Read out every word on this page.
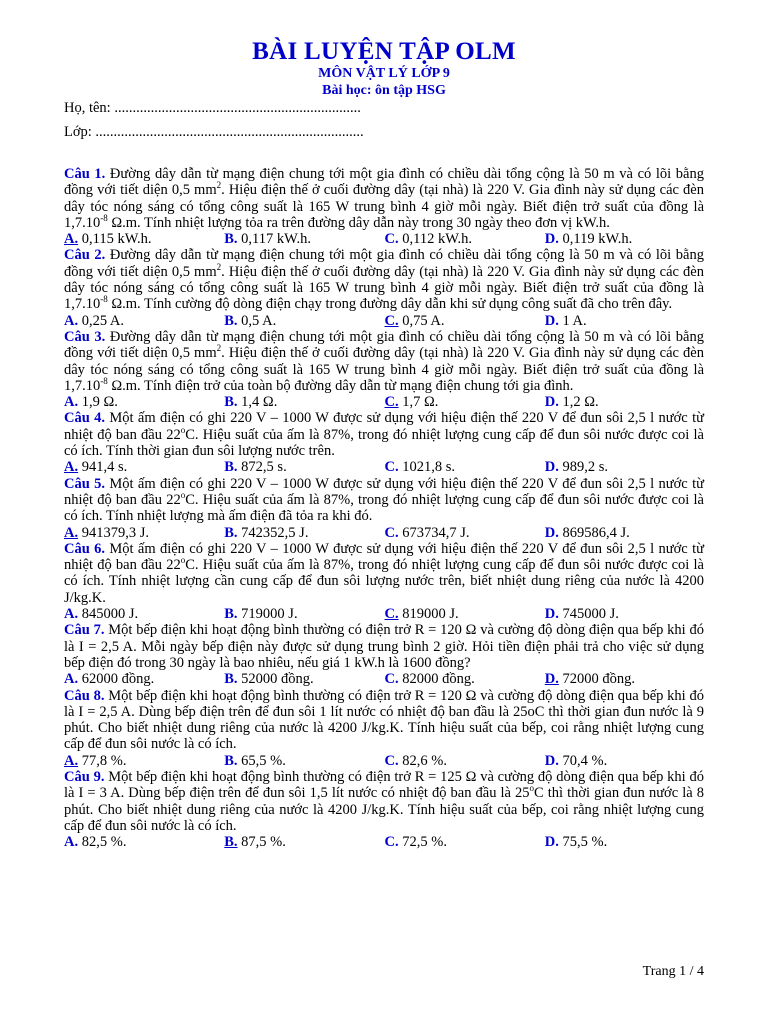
BÀI LUYỆN TẬP OLM
MÔN VẬT LÝ LỚP 9
Bài học: ôn tập HSG
Họ, tên: ....................................................................
Lớp: ..........................................................................

Câu 1. Đường dây dẫn từ mạng điện chung tới một gia đình có chiều dài tổng cộng là 50 m và có lõi bằng đồng với tiết diện 0,5 $mm^2$. Hiệu điện thế ở cuối đường dây (tại nhà) là 220 V. Gia đình này sử dụng các đèn dây tóc nóng sáng có tổng công suất là 165 W trung bình 4 giờ mỗi ngày. Biết điện trở suất của đồng là $1,7.10^{-8}$ Ω.m. Tính nhiệt lượng tỏa ra trên đường dây dẫn này trong 30 ngày theo đơn vị kW.h.

A. 0,115 kW.h.	B. 0,117 kW.h.	C. 0,112 kW.h.	D. 0,119 kW.h.

Câu 2. Đường dây dẫn từ mạng điện chung tới một gia đình có chiều dài tổng cộng là 50 m và có lõi bằng đồng với tiết diện 0,5 $mm^2$. Hiệu điện thế ở cuối đường dây (tại nhà) là 220 V. Gia đình này sử dụng các đèn dây tóc nóng sáng có tổng công suất là 165 W trung bình 4 giờ mỗi ngày. Biết điện trở suất của đồng là $1,7.10^{-8}$ Ω.m. Tính cường độ dòng điện chạy trong đường dây dẫn khi sử dụng công suất đã cho trên đây.

A. 0,25 A.	B. 0,5 A.	C. 0,75 A.	D. 1 A.

Câu 3. Đường dây dẫn từ mạng điện chung tới một gia đình có chiều dài tổng cộng là 50 m và có lõi bằng đồng với tiết diện 0,5 $mm^2$. Hiệu điện thế ở cuối đường dây (tại nhà) là 220 V. Gia đình này sử dụng các đèn dây tóc nóng sáng có tổng công suất là 165 W trung bình 4 giờ mỗi ngày. Biết điện trở suất của đồng là $1,7.10^{-8}$ Ω.m. Tính điện trở của toàn bộ đường dây dẫn từ mạng điện chung tới gia đình.

A. 1,9 Ω.	B. 1,4 Ω.	C. 1,7 Ω.	D. 1,2 Ω.

Câu 4. Một ấm điện có ghi 220 V – 1000 W được sử dụng với hiệu điện thế 220 V để đun sôi 2,5 l nước từ nhiệt độ ban đầu 22$^o$C. Hiệu suất của ấm là 87%, trong đó nhiệt lượng cung cấp để đun sôi nước được coi là có ích. Tính thời gian đun sôi lượng nước trên.

A. 941,4 s.	B. 872,5 s.	C. 1021,8 s.	D. 989,2 s.

Câu 5. Một ấm điện có ghi 220 V – 1000 W được sử dụng với hiệu điện thế 220 V để đun sôi 2,5 l nước từ nhiệt độ ban đầu 22$^o$C. Hiệu suất của ấm là 87%, trong đó nhiệt lượng cung cấp để đun sôi nước được coi là có ích. Tính nhiệt lượng mà ấm điện đã tỏa ra khi đó.

A. 941379,3 J.	B. 742352,5 J.	C. 673734,7 J.	D. 869586,4 J.

Câu 6. Một ấm điện có ghi 220 V – 1000 W được sử dụng với hiệu điện thế 220 V để đun sôi 2,5 l nước từ nhiệt độ ban đầu 22$^o$C. Hiệu suất của ấm là 87%, trong đó nhiệt lượng cung cấp để đun sôi nước được coi là có ích. Tính nhiệt lượng cần cung cấp để đun sôi lượng nước trên, biết nhiệt dung riêng của nước là 4200 J/kg.K.

A. 845000 J.	B. 719000 J.	C. 819000 J.	D. 745000 J.

Câu 7. Một bếp điện khi hoạt động bình thường có điện trở R = 120 Ω và cường độ dòng điện qua bếp khi đó là I = 2,5 A. Mỗi ngày bếp điện này được sử dụng trung bình 2 giờ. Hỏi tiền điện phải trả cho việc sử dụng bếp điện đó trong 30 ngày là bao nhiêu, nếu giá 1 kW.h là 1600 đồng?

A. 62000 đồng.	B. 52000 đồng.	C. 82000 đồng.	D. 72000 đồng.

Câu 8. Một bếp điện khi hoạt động bình thường có điện trở R = 120 Ω và cường độ dòng điện qua bếp khi đó là I = 2,5 A. Dùng bếp điện trên để đun sôi 1 lít nước có nhiệt độ ban đầu là 25oC thì thời gian đun nước là 9 phút. Cho biết nhiệt dung riêng của nước là 4200 J/kg.K. Tính hiệu suất của bếp, coi rằng nhiệt lượng cung cấp để đun sôi nước là có ích.

A. 77,8 %.	B. 65,5 %.	C. 82,6 %.	D. 70,4 %.

Câu 9. Một bếp điện khi hoạt động bình thường có điện trở R = 125 Ω và cường độ dòng điện qua bếp khi đó là I = 3 A. Dùng bếp điện trên để đun sôi 1,5 lít nước có nhiệt độ ban đầu là 25$^o$C thì thời gian đun nước là 8 phút. Cho biết nhiệt dung riêng của nước là 4200 J/kg.K. Tính hiệu suất của bếp, coi rằng nhiệt lượng cung cấp để đun sôi nước là có ích.

A. 82,5 %.	B. 87,5 %.	C. 72,5 %.	D. 75,5 %.
Trang 1 / 4
